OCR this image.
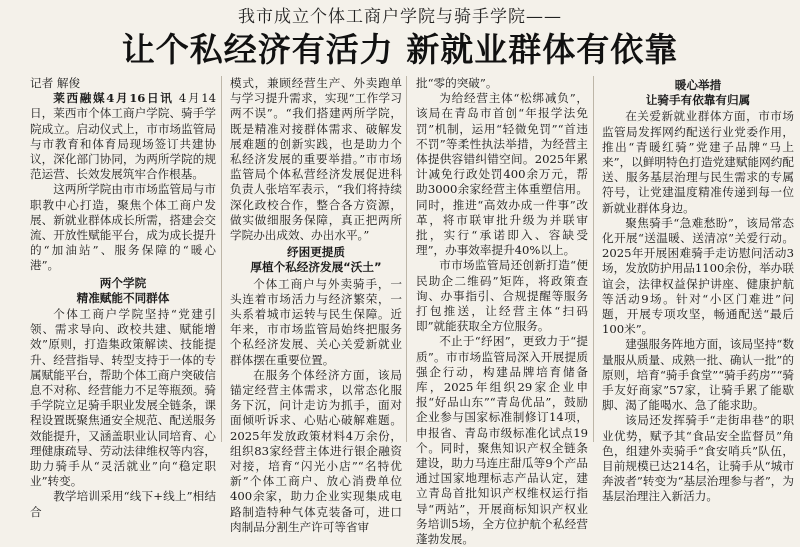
我市成立个体工商户学院与骑手学院——
让个私经济有活力 新就业群体有依靠

记者 解俊

莱西融媒4月16日讯 4月14日，莱西市个体工商户学院、骑手学院成立。启动仪式上，市市场监管局与市教育和体育局现场签订共建协议，深化部门协同，为两所学院的规范运营、长效发展筑牢合作根基。

这两所学院由市市场监管局与市职教中心打造，聚焦个体工商户发展、新就业群体成长所需，搭建会交流、开放性赋能平台，成为成长提升的“加油站”、服务保障的“暖心港”。

两个学院
精准赋能不同群体

个体工商户学院坚持“党建引领、需求导向、政校共建、赋能增效”原则，打造集政策解读、技能提升、经营指导、转型支持于一体的专属赋能平台，帮助个体工商户突破信息不对称、经营能力不足等瓶颈。骑手学院立足骑手职业发展全链条，课程设置既聚焦通安全规范、配送服务效能提升，又涵盖职业认同培育、心理健康疏导、劳动法律维权等内容，助力骑手从“灵活就业”向“稳定职业”转变。

教学培训采用“线下+线上”相结合

模式，兼顾经营生产、外卖跑单与学习提升需求，实现“工作学习两不误”。“我们搭建两所学院，既是精准对接群体需求、破解发展难题的创新实践，也是助力个私经济发展的重要举措。”市市场监管局个体私营经济发展促进科负责人张培军表示，“我们将持续深化政校合作，整合各方资源，做实做细服务保障，真正把两所学院办出成效、办出水平。”

纾困更提质
厚植个私经济发展“沃土”

个体工商户与外卖骑手，一头连着市场活力与经济繁荣，一头系着城市运转与民生保障。近年来，市市场监管局始终把服务个私经济发展、关心关爱新就业群体摆在重要位置。

在服务个体经济方面，该局锚定经营主体需求，以常态化服务下沉，问计走访为抓手，面对面倾听诉求、心贴心破解难题。2025年发放政策材料4万余份，组织83家经营主体进行银企融资对接，培育“闪光小店”“名特优新”个体工商户、放心消费单位400余家，助力企业实现集成电路制造特种气体克装备可，进口肉制品分割生产许可等省审

批“零的突破”。

为给经营主体“松绑减负”，该局在青岛市首创“年报学法免罚”机制，运用“轻微免罚”“首违不罚”等柔性执法举措，为经营主体提供容错纠错空间。2025年累计减免行政处罚400余万元，帮助3000余家经营主体重塑信用。同时，推进“高效办成一件事”改革，将市联审批升级为并联审批，实行“承诺即入、容缺受理”，办事效率提升40%以上。

市市场监管局还创新打造“便民助企二维码”矩阵，将政策查询、办事指引、合规提醒等服务打包推送，让经营主体“扫码即”就能获取全方位服务。

不止于“纾困”，更致力于“提质”。市市场监管局深入开展提质强企行动，构建品牌培育储备库，2025年组织29家企业申报“好品山东”“青岛优品”，鼓励企业参与国家标准制修订14项，申报省、青岛市级标准化试点19个。同时，聚焦知识产权全链条建设，助力马连庄甜瓜等9个产品通过国家地理标志产品认定，建立青岛首批知识产权维权运行指导“两站”，开展商标知识产权业务培训5场，全方位护航个私经营蓬勃发展。

暖心举措
让骑手有依靠有归属

在关爱新就业群体方面，市市场监管局发挥网约配送行业党委作用，推出“青暖红骑”党建子品牌“马上来”，以鲜明特色打造党建赋能网约配送、服务基层治理与民生需求的专属符号，让党建温度精准传递到每一位新就业群体身边。

聚焦骑手“急难愁盼”，该局常态化开展“送温暖、送清凉”关爱行动。2025年开展困难骑手走访慰问活动3场，发放防护用品1100余份，举办联谊会，法律权益保护讲座、健康护航等活动9场。针对“小区门难进”问题，开展专项攻坚，畅通配送“最后100米”。

建强服务阵地方面，该局坚持“数量服从质量、成熟一批、确认一批”的原则，培育“骑手食堂”“骑手药房”“骑手友好商家”57家，让骑手累了能歇脚、渴了能喝水、急了能求助。

该局还发挥骑手“走街串巷”的职业优势，赋予其“食品安全监督员”角色，组建外卖骑手“食安哨兵”队伍，目前规模已达214名，让骑手从“城市奔波者”转变为“基层治理参与者”，为基层治理注入新活力。
